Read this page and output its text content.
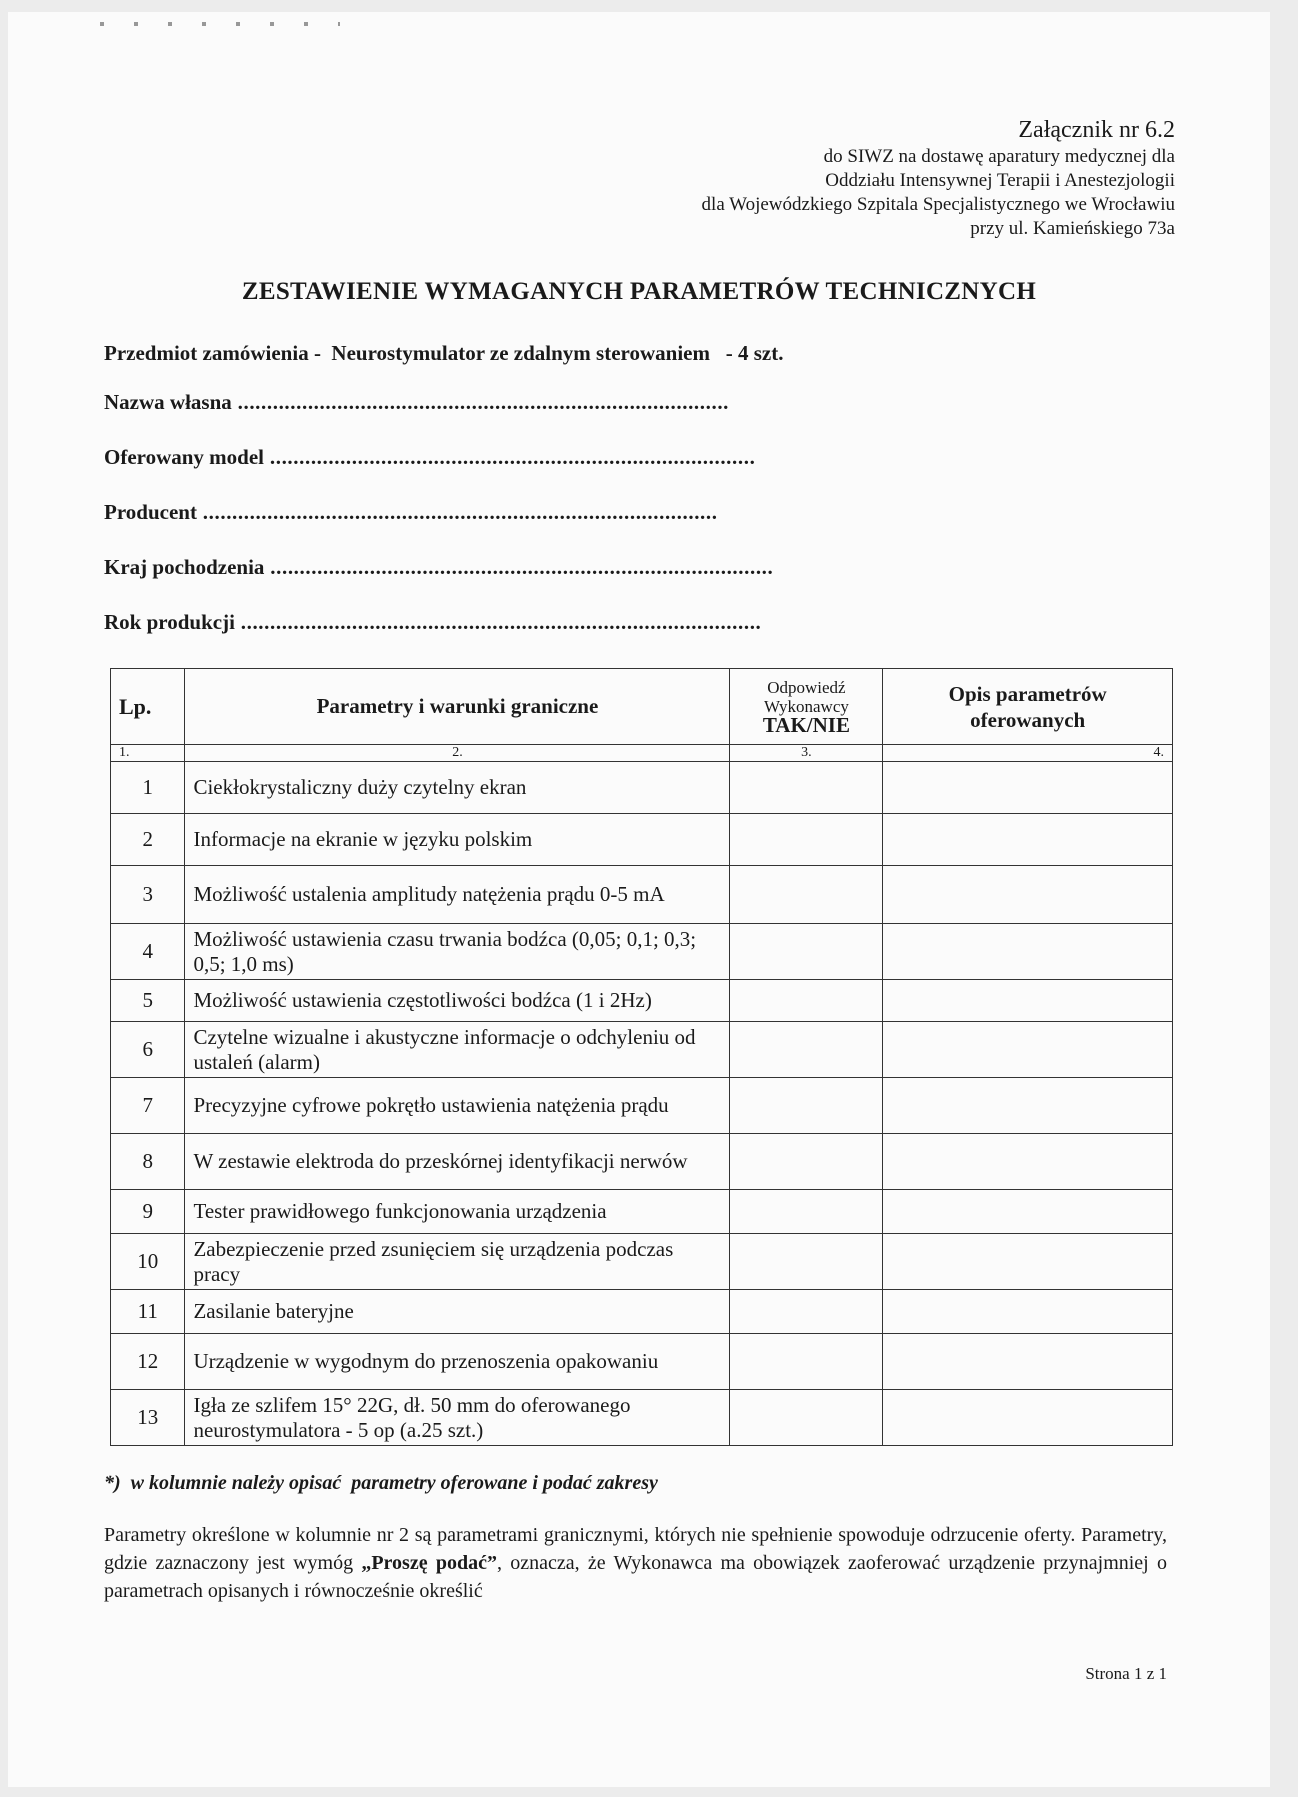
Załącznik nr 6.2
do SIWZ na dostawę aparatury medycznej dla
Oddziału Intensywnej Terapii i Anestezjologii
dla Wojewódzkiego Szpitala Specjalistycznego we Wrocławiu
przy ul. Kamieńskiego 73a
ZESTAWIENIE WYMAGANYCH PARAMETRÓW TECHNICZNYCH
Przedmiot zamówienia -  Neurostymulator ze zdalnym sterowaniem   - 4 szt.
Nazwa własna ....................................................................................
Oferowany model ...................................................................................
Producent ........................................................................................
Kraj pochodzenia ......................................................................................
Rok produkcji .........................................................................................
Lp.	Parametry i warunki graniczne	Odpowiedź
Wykonawcy
TAK/NIE	Opis parametrów
oferowanych

1.	2.	3.	4.
1	Ciekłokrystaliczny duży czytelny ekran		
2	Informacje na ekranie w języku polskim		
3	Możliwość ustalenia amplitudy natężenia prądu 0-5 mA		
4	Możliwość ustawienia czasu trwania bodźca (0,05; 0,1; 0,3; 0,5; 1,0 ms)		
5	Możliwość ustawienia częstotliwości bodźca (1 i 2Hz)		
6	Czytelne wizualne i akustyczne informacje o odchyleniu od ustaleń (alarm)		
7	Precyzyjne cyfrowe pokrętło ustawienia natężenia prądu		
8	W zestawie elektroda do przeskórnej identyfikacji nerwów		
9	Tester prawidłowego funkcjonowania urządzenia		
10	Zabezpieczenie przed zsunięciem się urządzenia podczas pracy		
11	Zasilanie bateryjne		
12	Urządzenie w wygodnym do przenoszenia opakowaniu		
13	Igła ze szlifem 15° 22G, dł. 50 mm do oferowanego neurostymulatora - 5 op (a.25 szt.)		
*)  w kolumnie należy opisać  parametry oferowane i podać zakresy
Parametry określone w kolumnie nr 2 są parametrami granicznymi, których nie spełnienie spowoduje odrzucenie oferty. Parametry, gdzie zaznaczony jest wymóg „Proszę podać”, oznacza, że Wykonawca ma obowiązek zaoferować urządzenie przynajmniej o parametrach opisanych i równocześnie określić
Strona 1 z 1
